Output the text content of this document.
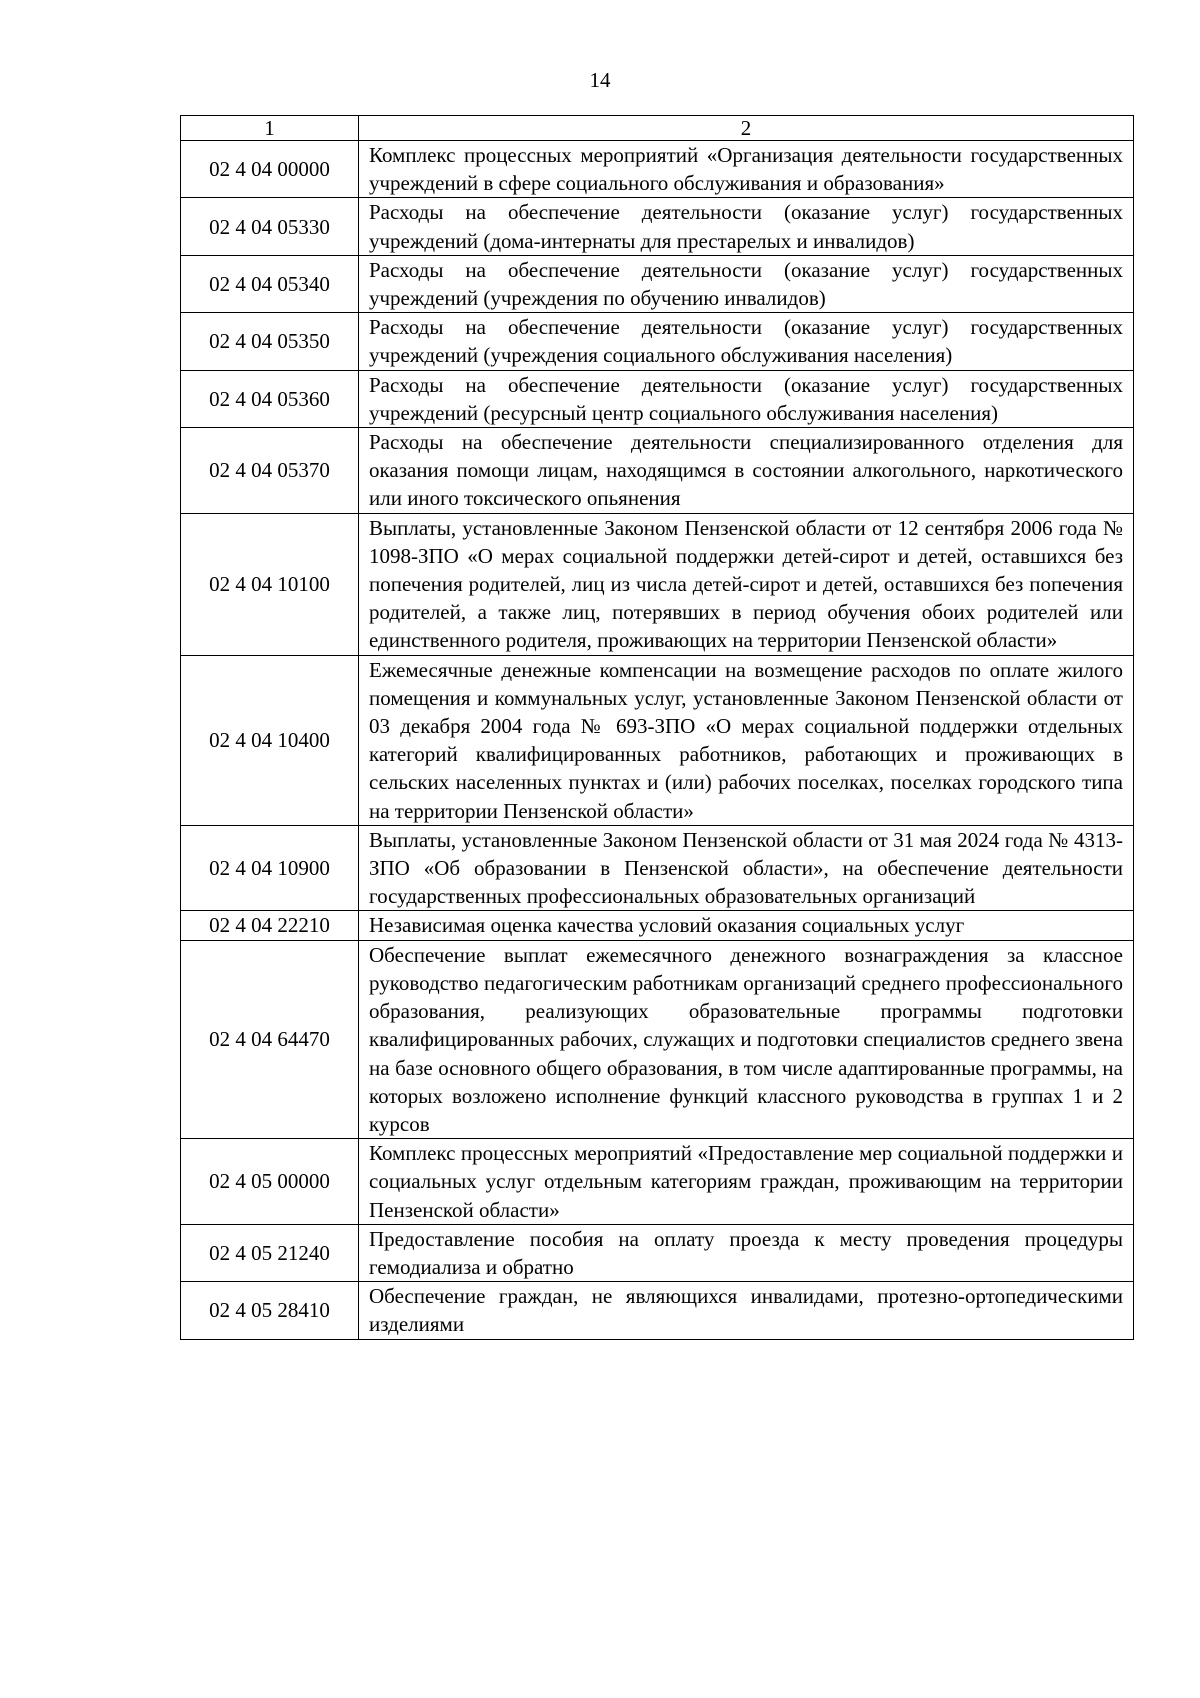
14
1	2
02 4 04 00000	Комплекс процессных мероприятий «Организация деятельности государственных учреждений в сфере социального обслуживания и образования»
02 4 04 05330	Расходы на обеспечение деятельности (оказание услуг) государственных учреждений (дома-интернаты для престарелых и инвалидов)
02 4 04 05340	Расходы на обеспечение деятельности (оказание услуг) государственных учреждений (учреждения по обучению инвалидов)
02 4 04 05350	Расходы на обеспечение деятельности (оказание услуг) государственных учреждений (учреждения социального обслуживания населения)
02 4 04 05360	Расходы на обеспечение деятельности (оказание услуг) государственных учреждений (ресурсный центр социального обслуживания населения)
02 4 04 05370	Расходы на обеспечение деятельности специализированного отделения для оказания помощи лицам, находящимся в состоянии алкогольного, наркотического или иного токсического опьянения
02 4 04 10100	Выплаты, установленные Законом Пензенской области от 12 сентября 2006 года № 1098-ЗПО «О мерах социальной поддержки детей-сирот и детей, оставшихся без попечения родителей, лиц из числа детей-сирот и детей, оставшихся без попечения родителей, а также лиц, потерявших в период обучения обоих родителей или единственного родителя, проживающих на территории Пензенской области»
02 4 04 10400	Ежемесячные денежные компенсации на возмещение расходов по оплате жилого помещения и коммунальных услуг, установленные Законом Пензенской области от 03 декабря 2004 года № 693-ЗПО «О мерах социальной поддержки отдельных категорий квалифицированных работников, работающих и проживающих в сельских населенных пунктах и (или) рабочих поселках, поселках городского типа на территории Пензенской области»
02 4 04 10900	Выплаты, установленные Законом Пензенской области от 31 мая 2024 года № 4313-ЗПО «Об образовании в Пензенской области», на обеспечение деятельности государственных профессиональных образовательных организаций
02 4 04 22210	Независимая оценка качества условий оказания социальных услуг
02 4 04 64470	Обеспечение выплат ежемесячного денежного вознаграждения за классное руководство педагогическим работникам организаций среднего профессионального образования, реализующих образовательные программы подготовки квалифицированных рабочих, служащих и подготовки специалистов среднего звена на базе основного общего образования, в том числе адаптированные программы, на которых возложено исполнение функций классного руководства в группах 1 и 2 курсов
02 4 05 00000	Комплекс процессных мероприятий «Предоставление мер социальной поддержки и социальных услуг отдельным категориям граждан, проживающим на территории Пензенской области»
02 4 05 21240	Предоставление пособия на оплату проезда к месту проведения процедуры гемодиализа и обратно
02 4 05 28410	Обеспечение граждан, не являющихся инвалидами, протезно-ортопедическими изделиями
